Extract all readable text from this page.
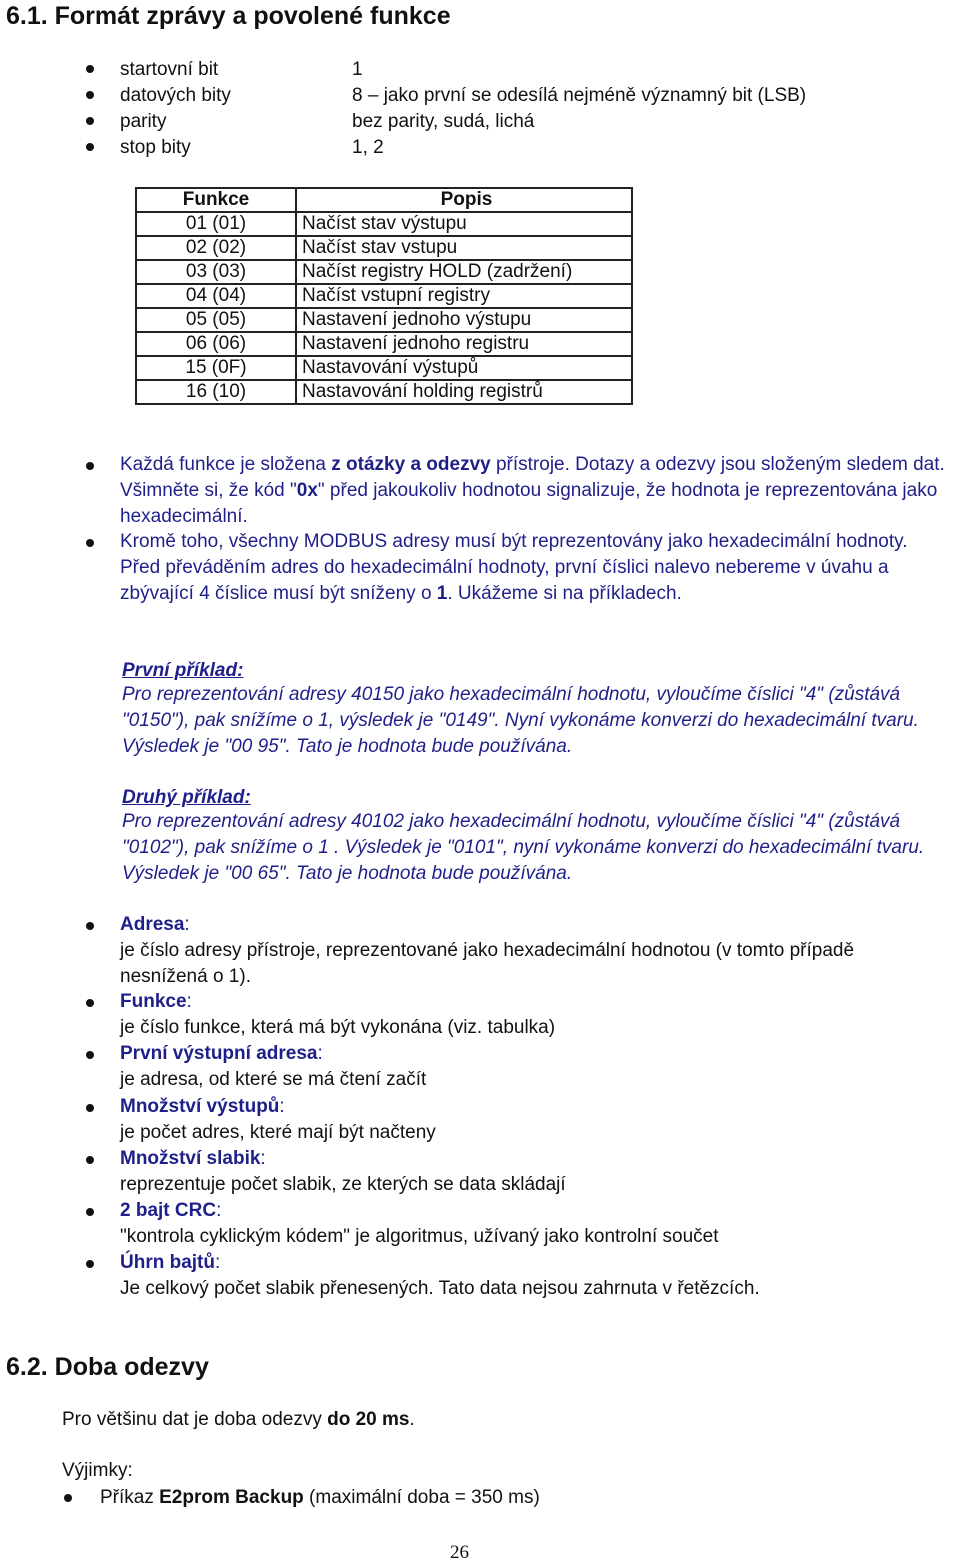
6.1. Formát zprávy a povolené funkce
startovní bit	1
datových bity	8 – jako první se odesílá nejméně významný bit (LSB)
parity	bez parity, sudá, lichá
stop bity	1, 2
Funkce	Popis
01 (01)	Načíst stav výstupu
02 (02)	Načíst stav vstupu
03 (03)	Načíst registry HOLD (zadržení)
04 (04)	Načíst vstupní registry
05 (05)	Nastavení jednoho výstupu
06 (06)	Nastavení jednoho registru
15 (0F)	Nastavování výstupů
16 (10)	Nastavování holding registrů
Každá funkce je složena z otázky a odezvy přístroje. Dotazy a odezvy jsou složeným sledem dat. Všimněte si, že kód "0x" před jakoukoliv hodnotou signalizuje, že hodnota je reprezentována jako hexadecimální.
Kromě toho, všechny MODBUS adresy musí být reprezentovány jako hexadecimální hodnoty. Před převáděním adres do hexadecimální hodnoty, první číslici nalevo nebereme v úvahu a zbývající 4 číslice musí být sníženy o 1. Ukážeme si na příkladech.
První příklad:
Pro reprezentování adresy 40150 jako hexadecimální hodnotu, vyloučíme číslici "4" (zůstává "0150"), pak snížíme o 1, výsledek je "0149". Nyní vykonáme konverzi do hexadecimální tvaru. Výsledek je "00 95". Tato je hodnota bude používána.
Druhý příklad:
Pro reprezentování adresy 40102 jako hexadecimální hodnotu, vyloučíme číslici "4" (zůstává "0102"), pak snížíme o 1 . Výsledek je "0101", nyní vykonáme konverzi do hexadecimální tvaru. Výsledek je "00 65". Tato je hodnota bude používána.
Adresa:
je číslo adresy přístroje, reprezentované jako hexadecimální hodnotou (v tomto případě nesnížená o 1).
Funkce:
je číslo funkce, která má být vykonána (viz. tabulka)
První výstupní adresa:
je adresa, od které se má čtení začít
Množství výstupů:
je počet adres, které mají být načteny
Množství slabik:
reprezentuje počet slabik, ze kterých se data skládají
2 bajt CRC:
"kontrola cyklickým kódem" je algoritmus, užívaný jako kontrolní součet
Úhrn bajtů:
Je celkový počet slabik přenesených. Tato data nejsou zahrnuta v řetězcích.
6.2. Doba odezvy
Pro většinu dat je doba odezvy do 20 ms.
Výjimky:
Příkaz E2prom Backup (maximální doba = 350 ms)
26
